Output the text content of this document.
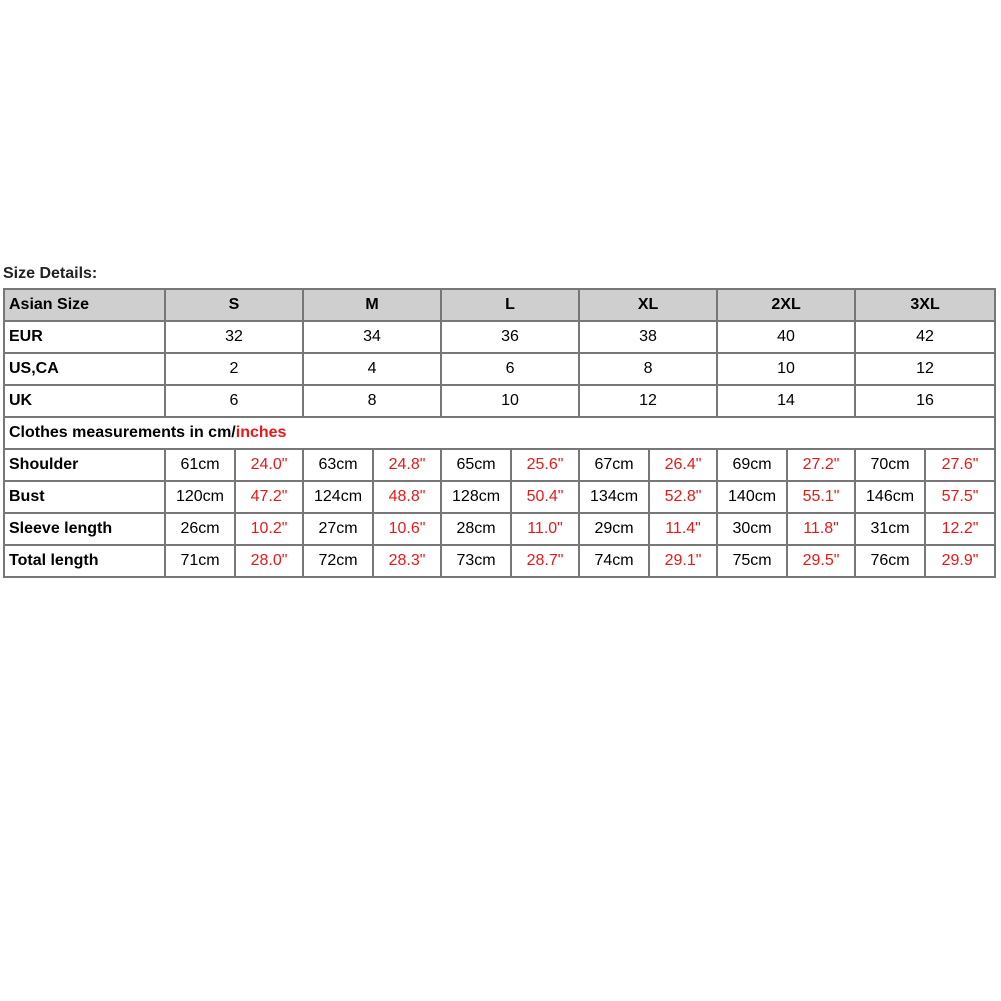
Size Details:
Asian Size	S		M		L		XL		2XL		3XL	
EUR	32		34		36		38		40		42	
US,CA	2		4		6		8		10		12	
UK	6		8		10		12		14		16	
Clothes measurements in cm/inches												
Shoulder	61cm	24.0"	63cm	24.8"	65cm	25.6"	67cm	26.4"	69cm	27.2"	70cm	27.6"
Bust	120cm	47.2"	124cm	48.8"	128cm	50.4"	134cm	52.8"	140cm	55.1"	146cm	57.5"
Sleeve length	26cm	10.2"	27cm	10.6"	28cm	11.0"	29cm	11.4"	30cm	11.8"	31cm	12.2"
Total length	71cm	28.0"	72cm	28.3"	73cm	28.7"	74cm	29.1"	75cm	29.5"	76cm	29.9"
